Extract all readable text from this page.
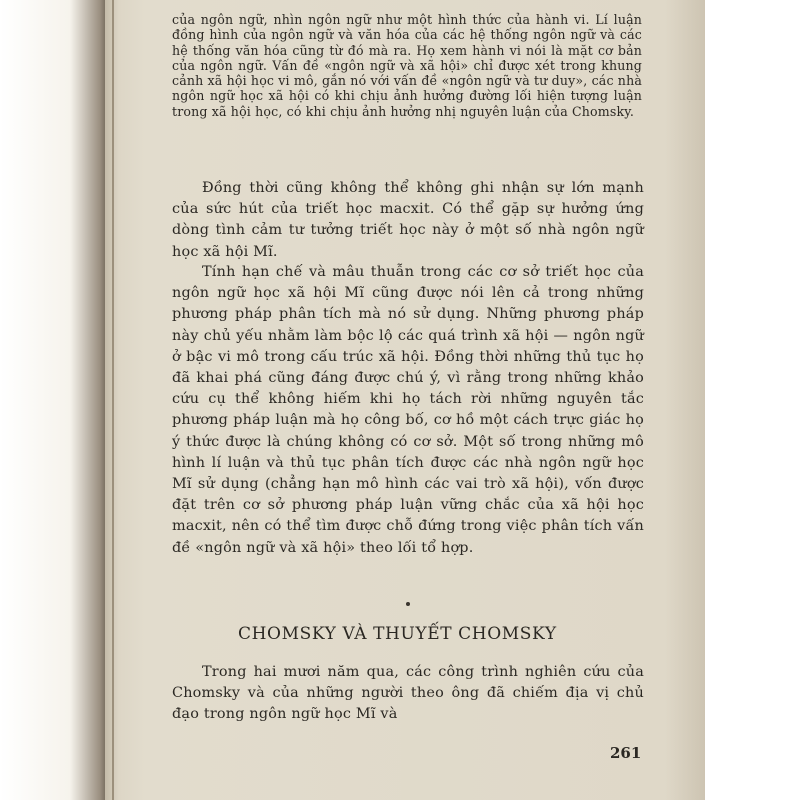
của ngôn ngữ, nhìn ngôn ngữ như một hình thức của hành vi. Lí luận đồng hình của ngôn ngữ và văn hóa của các hệ thống ngôn ngữ và các hệ thống văn hóa cũng từ đó mà ra. Họ xem hành vi nói là mặt cơ bản của ngôn ngữ. Vấn đề «ngôn ngữ và xã hội» chỉ được xét trong khung cảnh xã hội học vi mô, gắn nó với vấn đề «ngôn ngữ và tư duy», các nhà ngôn ngữ học xã hội có khi chịu ảnh hưởng đường lối hiện tượng luận trong xã hội học, có khi chịu ảnh hưởng nhị nguyên luận của Chomsky.
Đồng thời cũng không thể không ghi nhận sự lớn mạnh của sức hút của triết học macxit. Có thể gặp sự hưởng ứng dòng tình cảm tư tưởng triết học này ở một số nhà ngôn ngữ học xã hội Mĩ.
Tính hạn chế và mâu thuẫn trong các cơ sở triết học của ngôn ngữ học xã hội Mĩ cũng được nói lên cả trong những phương pháp phân tích mà nó sử dụng. Những phương pháp này chủ yếu nhằm làm bộc lộ các quá trình xã hội — ngôn ngữ ở bậc vi mô trong cấu trúc xã hội. Đồng thời những thủ tục họ đã khai phá cũng đáng được chú ý, vì rằng trong những khảo cứu cụ thể không hiếm khi họ tách rời những nguyên tắc phương pháp luận mà họ công bố, cơ hồ một cách trực giác họ ý thức được là chúng không có cơ sở. Một số trong những mô hình lí luận và thủ tục phân tích được các nhà ngôn ngữ học Mĩ sử dụng (chẳng hạn mô hình các vai trò xã hội), vốn được đặt trên cơ sở phương pháp luận vững chắc của xã hội học macxit, nên có thể tìm được chỗ đứng trong việc phân tích vấn đề «ngôn ngữ và xã hội» theo lối tổ hợp.
CHOMSKY VÀ THUYẾT CHOMSKY
Trong hai mươi năm qua, các công trình nghiên cứu của Chomsky và của những người theo ông đã chiếm địa vị chủ đạo trong ngôn ngữ học Mĩ và
261
